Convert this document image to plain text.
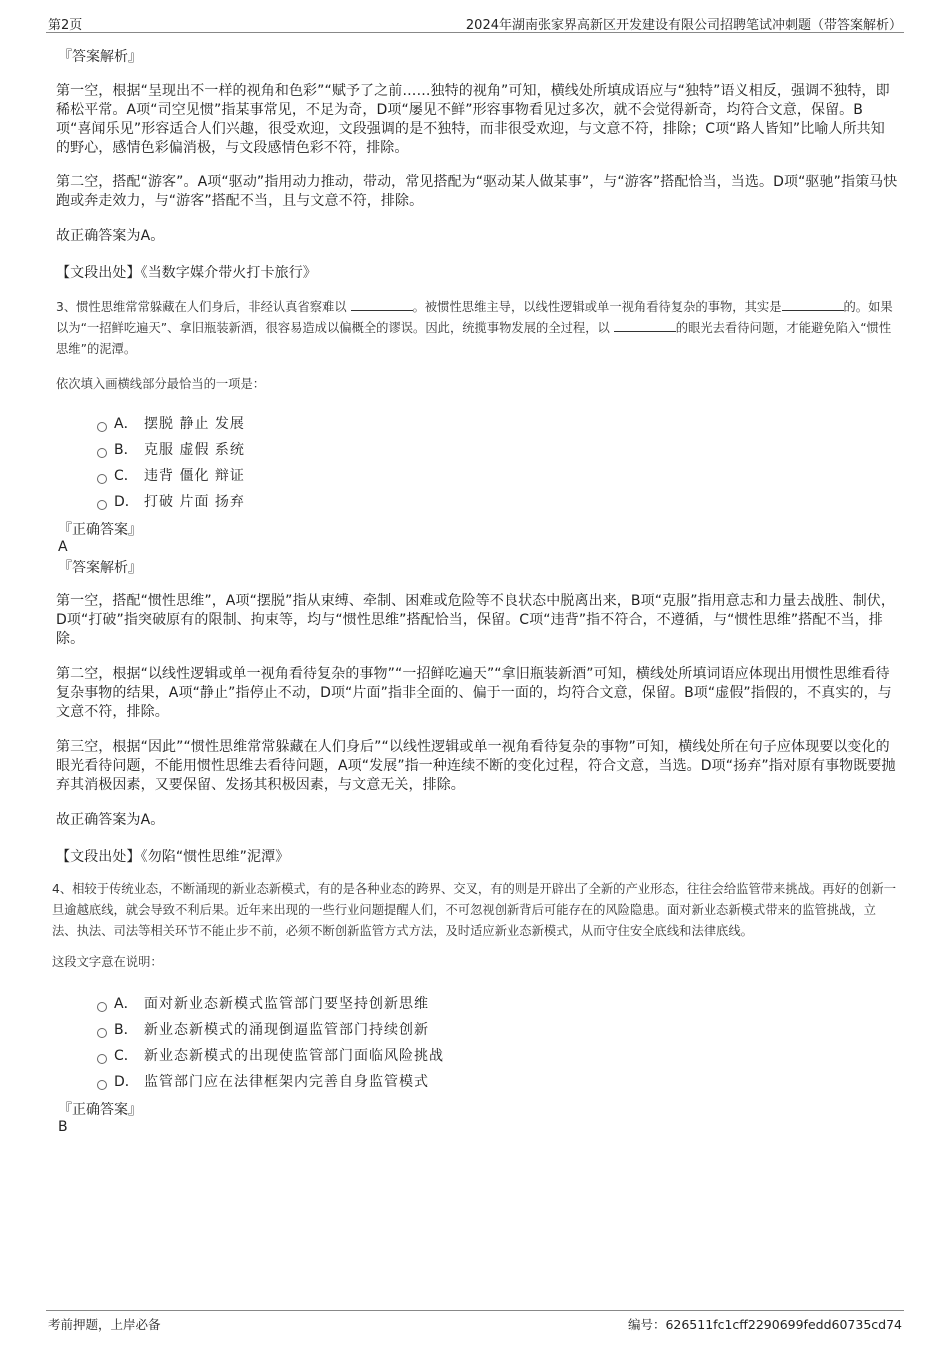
第2页	2024年湖南张家界高新区开发建设有限公司招聘笔试冲刺题（带答案解析）
『答案解析』

第一空，根据“呈现出不一样的视角和色彩”“赋予了之前……独特的视角”可知，横线处所填成语应与“独特”语义相反，强调不独特，即稀松平常。A项“司空见惯”指某事常见，不足为奇，D项“屡见不鲜”形容事物看见过多次，就不会觉得新奇，均符合文意，保留。B项“喜闻乐见”形容适合人们兴趣，很受欢迎，文段强调的是不独特，而非很受欢迎，与文意不符，排除；C项“路人皆知”比喻人所共知的野心，感情色彩偏消极，与文段感情色彩不符，排除。

第二空，搭配“游客”。A项“驱动”指用动力推动，带动，常见搭配为“驱动某人做某事”，与“游客”搭配恰当，当选。D项“驱驰”指策马快跑或奔走效力，与“游客”搭配不当，且与文意不符，排除。

故正确答案为A。

【文段出处】《当数字媒介带火打卡旅行》

3、惯性思维常常躲藏在人们身后，非经认真省察难以	。被惯性思维主导，以线性逻辑或单一视角看待复杂的事物，其实是	的。如果以为“一招鲜吃遍天”、拿旧瓶装新酒，很容易造成以偏概全的谬误。因此，统揽事物发展的全过程，以	的眼光去看待问题，才能避免陷入“惯性思维”的泥潭。

依次填入画横线部分最恰当的一项是：

A． 摆脱 静止 发展
B． 克服 虚假 系统
C． 违背 僵化 辩证
D． 打破 片面 扬弃
『正确答案』
A
『答案解析』

第一空，搭配“惯性思维”，A项“摆脱”指从束缚、牵制、困难或危险等不良状态中脱离出来，B项“克服”指用意志和力量去战胜、制伏，D项“打破”指突破原有的限制、拘束等，均与“惯性思维”搭配恰当，保留。C项“违背”指不符合，不遵循，与“惯性思维”搭配不当，排除。

第二空，根据“以线性逻辑或单一视角看待复杂的事物”“一招鲜吃遍天”“拿旧瓶装新酒”可知，横线处所填词语应体现出用惯性思维看待复杂事物的结果，A项“静止”指停止不动，D项“片面”指非全面的、偏于一面的，均符合文意，保留。B项“虚假”指假的，不真实的，与文意不符，排除。

第三空，根据“因此”“惯性思维常常躲藏在人们身后”“以线性逻辑或单一视角看待复杂的事物”可知，横线处所在句子应体现要以变化的眼光看待问题，不能用惯性思维去看待问题，A项“发展”指一种连续不断的变化过程，符合文意，当选。D项“扬弃”指对原有事物既要抛弃其消极因素，又要保留、发扬其积极因素，与文意无关，排除。

故正确答案为A。

【文段出处】《勿陷“惯性思维”泥潭》

4、相较于传统业态，不断涌现的新业态新模式，有的是各种业态的跨界、交叉，有的则是开辟出了全新的产业形态，往往会给监管带来挑战。再好的创新一旦逾越底线，就会导致不利后果。近年来出现的一些行业问题提醒人们，不可忽视创新背后可能存在的风险隐患。面对新业态新模式带来的监管挑战，立法、执法、司法等相关环节不能止步不前，必须不断创新监管方式方法，及时适应新业态新模式，从而守住安全底线和法律底线。

这段文字意在说明：

A． 面对新业态新模式监管部门要坚持创新思维
B． 新业态新模式的涌现倒逼监管部门持续创新
C． 新业态新模式的出现使监管部门面临风险挑战
D． 监管部门应在法律框架内完善自身监管模式
『正确答案』
B
考前押题，上岸必备	编号：626511fc1cff2290699fedd60735cd74
